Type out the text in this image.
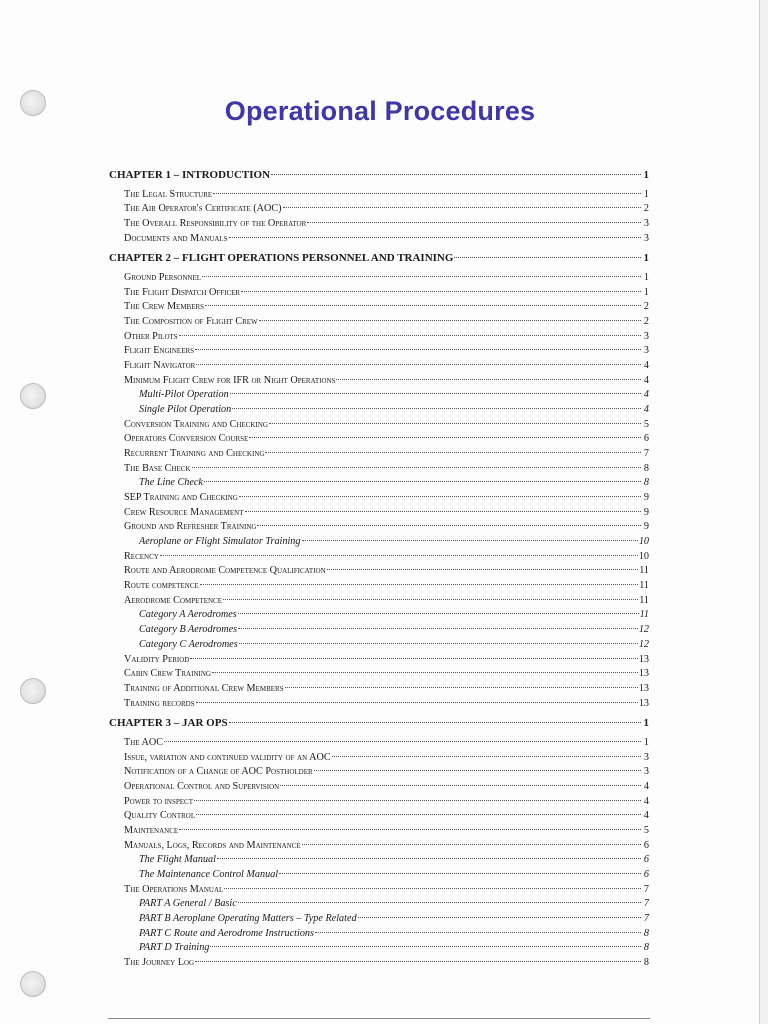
Operational Procedures
CHAPTER 1 – INTRODUCTION	1
The Legal Structure	1
The Air Operator's Certificate (AOC)	2
The Overall Responsibility of the Operator	3
Documents and Manuals	3
CHAPTER 2 – FLIGHT OPERATIONS PERSONNEL AND TRAINING	1
Ground Personnel	1
The Flight Dispatch Officer	1
The Crew Members	2
The Composition of Flight Crew	2
Other Pilots	3
Flight Engineers	3
Flight Navigator	4
Minimum Flight Crew for IFR or Night Operations	4
Multi-Pilot Operation	4
Single Pilot Operation	4
Conversion Training and Checking	5
Operators Conversion Course	6
Recurrent Training and Checking	7
The Base Check	8
The Line Check	8
SEP Training and Checking	9
Crew Resource Management	9
Ground and Refresher Training	9
Aeroplane or Flight Simulator Training	10
Recency	10
Route and Aerodrome Competence Qualification	11
Route competence	11
Aerodrome Competence	11
Category A Aerodromes	11
Category B Aerodromes	12
Category C Aerodromes	12
Validity Period	13
Cabin Crew Training	13
Training of Additional Crew Members	13
Training records	13
CHAPTER 3 – JAR OPS	1
The AOC	1
Issue, variation and continued validity of an AOC	3
Notification of a Change of AOC Postholder	3
Operational Control and Supervision	4
Power to inspect	4
Quality Control	4
Maintenance	5
Manuals, Logs, Records and Maintenance	6
The Flight Manual	6
The Maintenance Control Manual	6
The Operations Manual	7
PART A General / Basic	7
PART B Aeroplane Operating Matters – Type Related	7
PART C Route and Aerodrome Instructions	8
PART D Training	8
The Journey Log	8
